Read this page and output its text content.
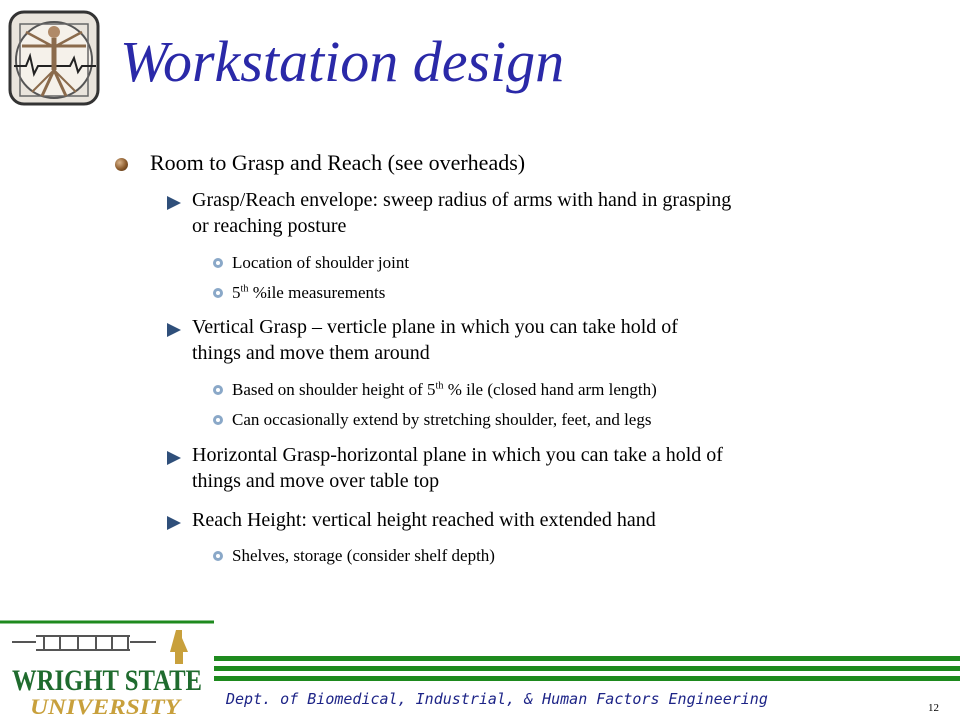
Workstation design
Room to Grasp and Reach (see overheads)
Grasp/Reach envelope: sweep radius of arms with hand in grasping
or reaching posture
Location of shoulder joint
5th %ile measurements
Vertical Grasp – verticle plane in which you can take hold of
things and move them around
Based on shoulder height of 5th % ile (closed hand arm length)
Can occasionally extend by stretching shoulder, feet, and legs
Horizontal Grasp-horizontal plane in which you can take a hold of
things and move over table top
Reach Height: vertical height reached with extended hand
Shelves, storage (consider shelf depth)
WRIGHT STATE
UNIVERSITY	Dept. of Biomedical, Industrial, & Human Factors Engineering	12
